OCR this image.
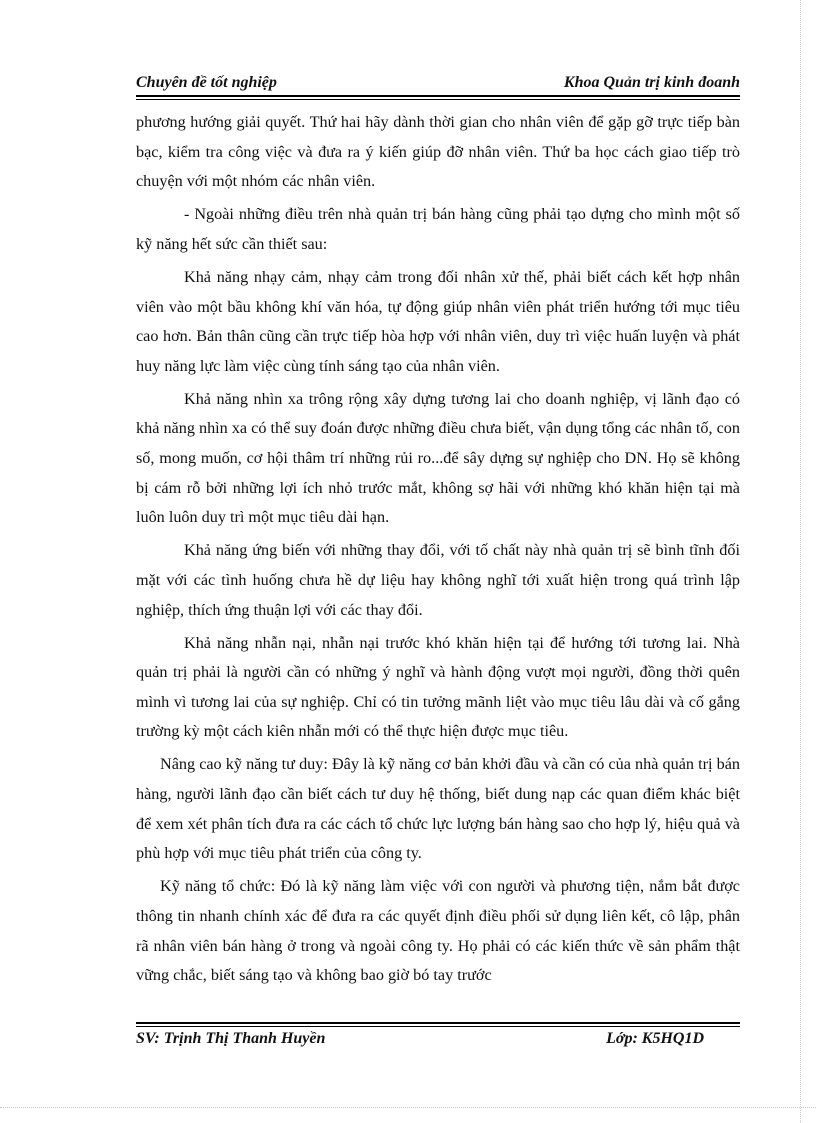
Chuyên đề tốt nghiệp	Khoa Quản trị kinh đoanh

phương hướng giải quyết. Thứ hai hãy dành thời gian cho nhân viên để gặp gỡ trực tiếp bàn bạc, kiểm tra công việc và đưa ra ý kiến giúp đỡ nhân viên. Thứ ba học cách giao tiếp trò chuyện với một nhóm các nhân viên.

- Ngoài những điều trên nhà quản trị bán hàng cũng phải tạo dựng cho mình một số kỹ năng hết sức cần thiết sau:

Khả năng nhạy cảm, nhạy cảm trong đối nhân xử thế, phải biết cách kết hợp nhân viên vào một bầu không khí văn hóa, tự động giúp nhân viên phát triển hướng tới mục tiêu cao hơn. Bản thân cũng cần trực tiếp hòa hợp với nhân viên, duy trì việc huấn luyện và phát huy năng lực làm việc cùng tính sáng tạo của nhân viên.

Khả năng nhìn xa trông rộng xây dựng tương lai cho doanh nghiệp, vị lãnh đạo có khả năng nhìn xa có thể suy đoán được những điều chưa biết, vận dụng tổng các nhân tố, con số, mong muốn, cơ hội thâm trí những rủi ro...để sây dựng sự nghiệp cho DN. Họ sẽ không bị cám rỗ bởi những lợi ích nhỏ trước mắt, không sợ hãi với những khó khăn hiện tại mà luôn luôn duy trì một mục tiêu dài hạn.

Khả năng ứng biến với những thay đổi, với tố chất này nhà quản trị sẽ bình tĩnh đối mặt với các tình huống chưa hề dự liệu hay không nghĩ tới xuất hiện trong quá trình lập nghiệp, thích ứng thuận lợi với các thay đổi.

Khả năng nhẫn nại, nhẫn nại trước khó khăn hiện tại để hướng tới tương lai. Nhà quản trị phải là người cần có những ý nghĩ và hành động vượt mọi người, đồng thời quên mình vì tương lai của sự nghiệp. Chỉ có tin tưởng mãnh liệt vào mục tiêu lâu dài và cố gắng trường kỳ một cách kiên nhẫn mới có thể thực hiện được mục tiêu.

Nâng cao kỹ năng tư duy: Đây là kỹ năng cơ bản khởi đầu và cần có của nhà quản trị bán hàng, người lãnh đạo cần biết cách tư duy hệ thống, biết dung nạp các quan điểm khác biệt để xem xét phân tích đưa ra các cách tổ chức lực lượng bán hàng sao cho hợp lý, hiệu quả và phù hợp với mục tiêu phát triển của công ty.

Kỹ năng tổ chức: Đó là kỹ năng làm việc với con người và phương tiện, nắm bắt được thông tin nhanh chính xác để đưa ra các quyết định điều phối sử dụng liên kết, cô lập, phân rã nhân viên bán hàng ở trong và ngoài công ty. Họ phải có các kiến thức về sản phẩm thật vững chắc, biết sáng tạo và không bao giờ bó tay trước

SV: Trịnh Thị Thanh Huyền	Lớp: K5HQ1D
